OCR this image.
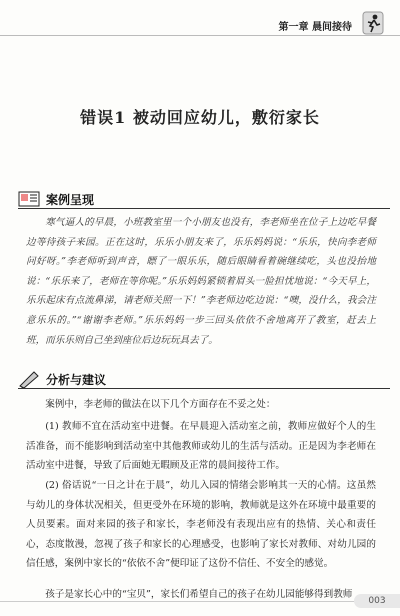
第一章 晨间接待
错误1 被动回应幼儿，敷衍家长
案例呈现

寒气逼人的早晨，小班教室里一个小朋友也没有，李老师坐在位子上边吃早餐边等待孩子来园。正在这时，乐乐小朋友来了，乐乐妈妈说：“乐乐，快向李老师问好呀。”李老师听到声音，瞟了一眼乐乐，随后眼睛看着碗继续吃，头也没抬地说：“乐乐来了，老师在等你呢。”乐乐妈妈紧锁着眉头一脸担忧地说：“今天早上，乐乐起床有点流鼻涕，请老师关照一下！”李老师边吃边说：“噢，没什么，我会注意乐乐的。”“谢谢李老师。”乐乐妈妈一步三回头依依不舍地离开了教室，赶去上班，而乐乐则自己坐到座位后边玩玩具去了。

分析与建议

案例中，李老师的做法在以下几个方面存在不妥之处：

(1) 教师不宜在活动室中进餐。在早晨迎入活动室之前，教师应做好个人的生活准备，而不能影响到活动室中其他教师或幼儿的生活与活动。正是因为李老师在活动室中进餐，导致了后面她无暇顾及正常的晨间接待工作。

(2) 俗话说“一日之计在于晨”，幼儿入园的情绪会影响其一天的心情。这虽然与幼儿的身体状况相关，但更受外在环境的影响，教师就是这外在环境中最重要的人员要素。面对来园的孩子和家长，李老师没有表现出应有的热情、关心和责任心，态度散漫，忽视了孩子和家长的心理感受，也影响了家长对教师、对幼儿园的信任感，案例中家长的“依依不舍”便印证了这份不信任、不安全的感觉。

孩子是家长心中的“宝贝”，家长们希望自己的孩子在幼儿园能够得到教师

003
